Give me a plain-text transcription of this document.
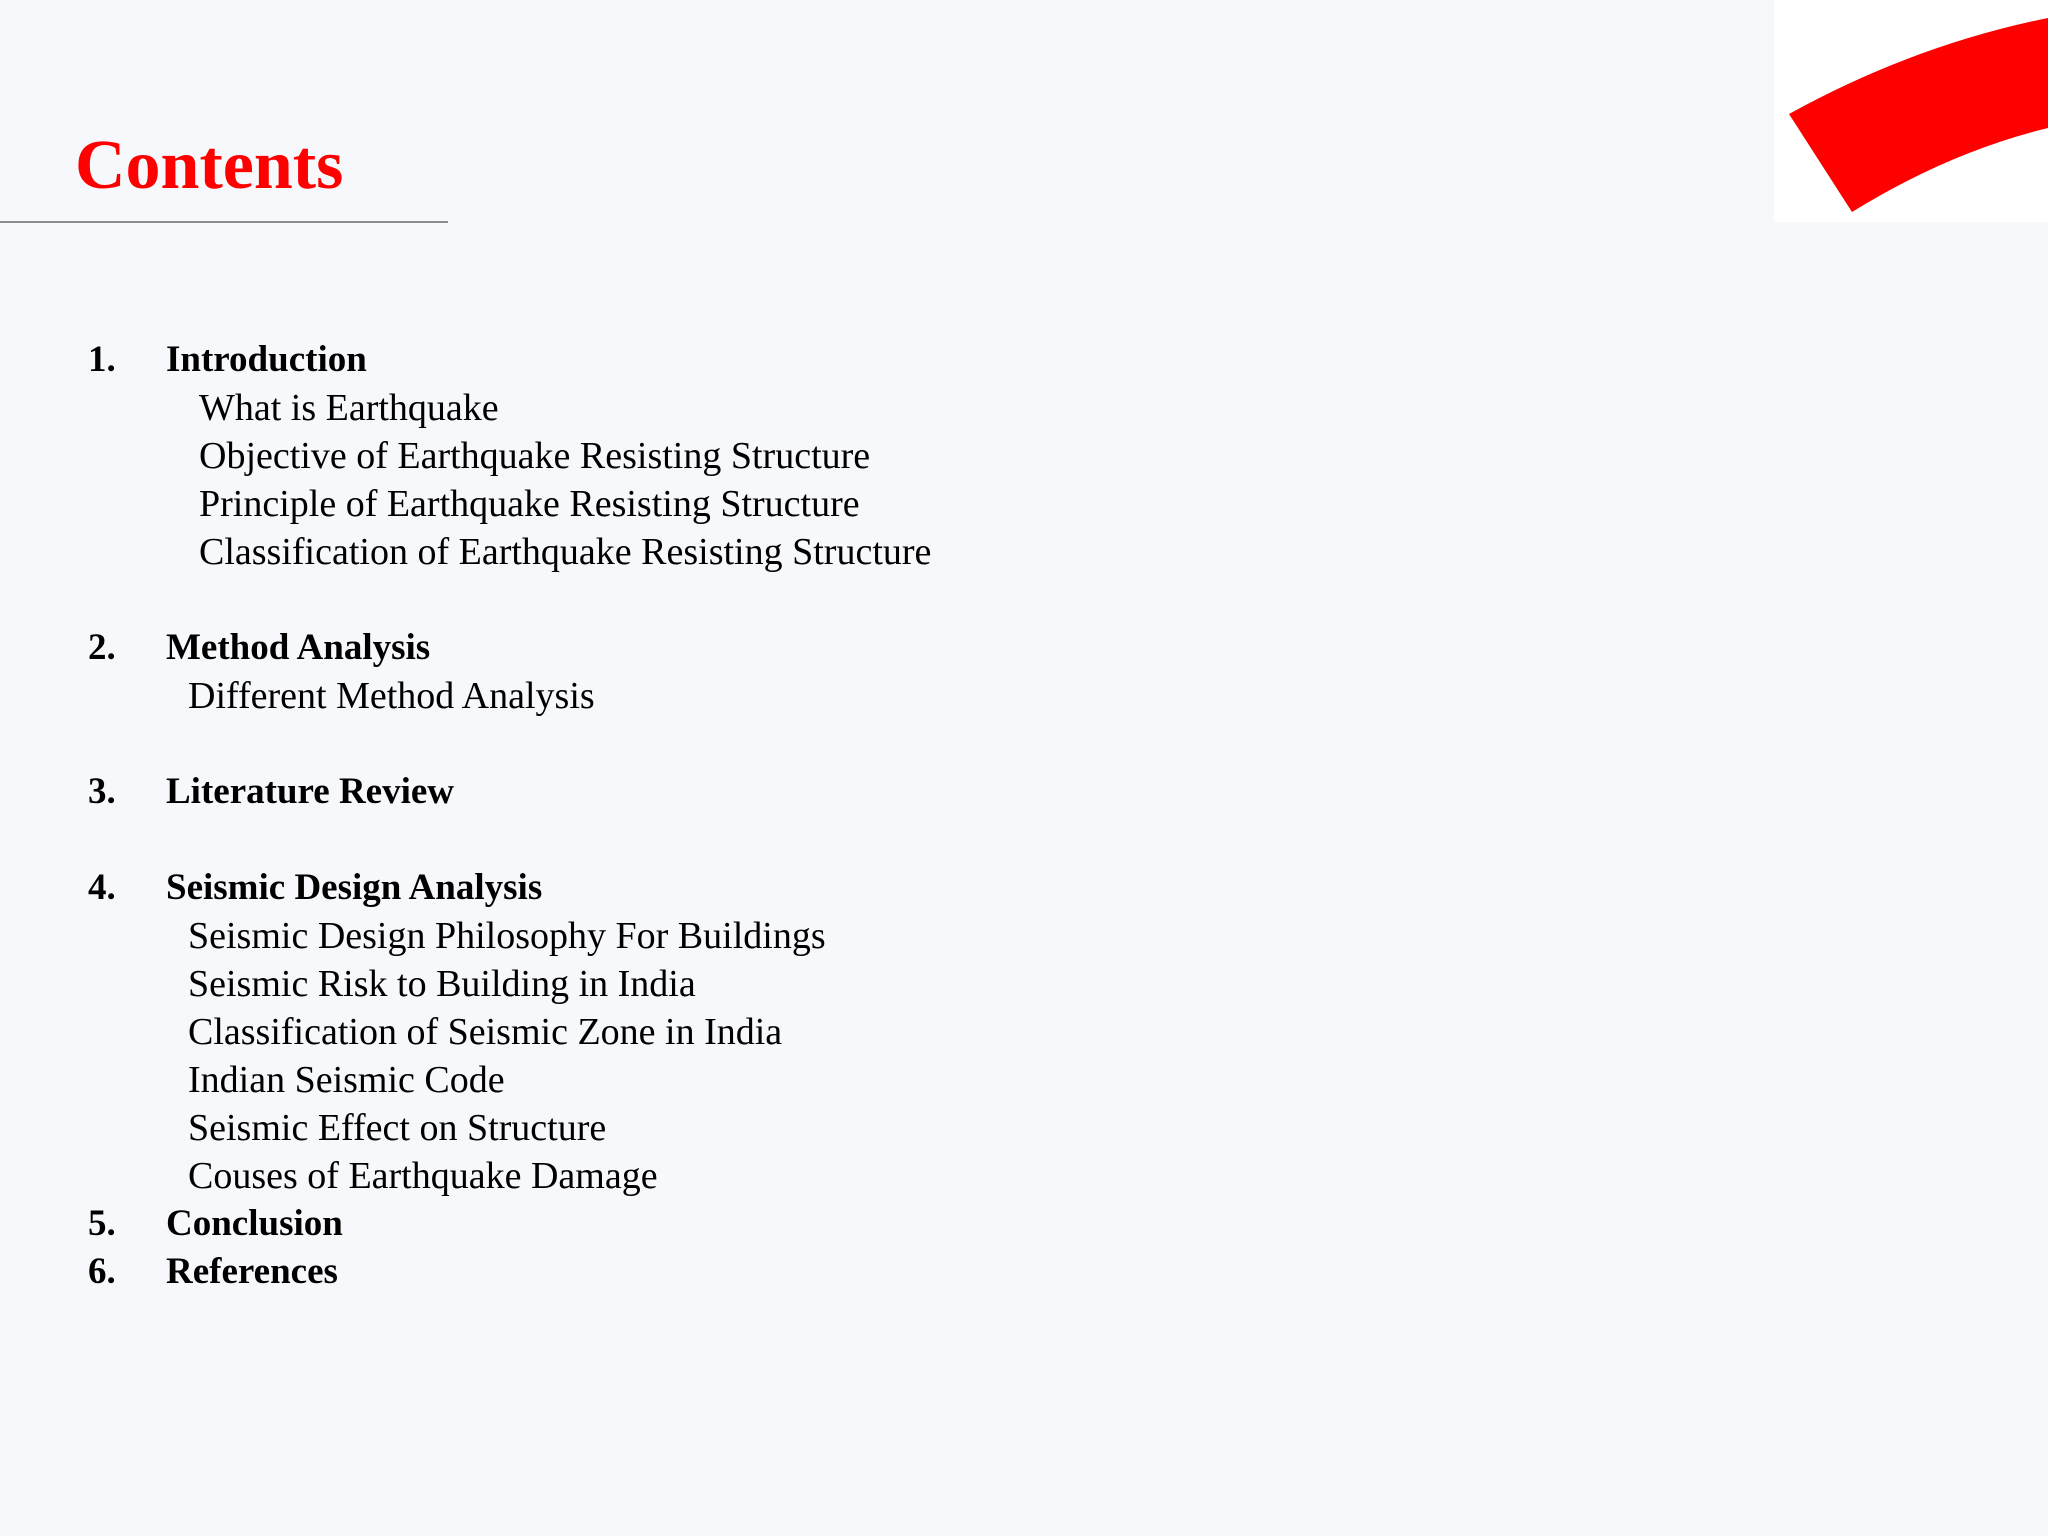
Contents
1. Introduction
What is Earthquake
Objective of Earthquake Resisting Structure
Principle of Earthquake Resisting Structure
Classification of Earthquake Resisting Structure
2. Method Analysis
Different Method Analysis
3. Literature Review
4. Seismic Design Analysis
Seismic Design Philosophy For Buildings
Seismic Risk to Building in India
Classification of Seismic Zone in India
Indian Seismic Code
Seismic Effect on Structure
Couses of Earthquake Damage
5. Conclusion
6. References
